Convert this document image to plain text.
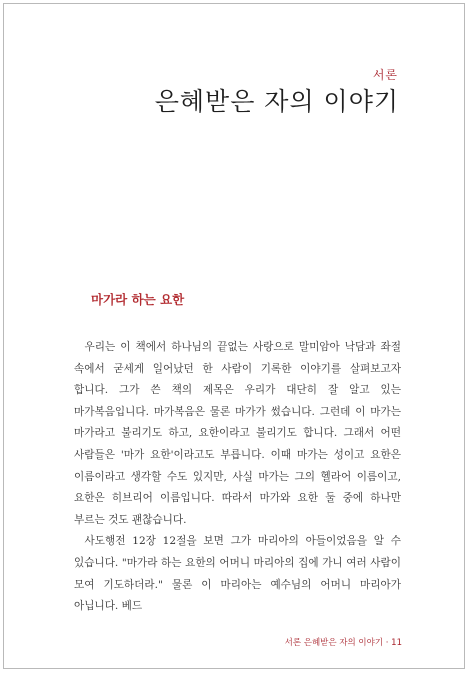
서론
은혜받은 자의 이야기
마가라 하는 요한

우리는 이 책에서 하나님의 끝없는 사랑으로 말미암아 낙담과 좌절 속에서 굳세게 일어났던 한 사람이 기록한 이야기를 살펴보고자 합니다. 그가 쓴 책의 제목은 우리가 대단히 잘 알고 있는 마가복음입니다. 마가복음은 물론 마가가 썼습니다. 그런데 이 마가는 마가라고 불리기도 하고, 요한이라고 불리기도 합니다. 그래서 어떤 사람들은 '마가 요한'이라고도 부릅니다. 이때 마가는 성이고 요한은 이름이라고 생각할 수도 있지만, 사실 마가는 그의 헬라어 이름이고, 요한은 히브리어 이름입니다. 따라서 마가와 요한 둘 중에 하나만 부르는 것도 괜찮습니다.

사도행전 12장 12절을 보면 그가 마리아의 아들이었음을 알 수 있습니다. "마가라 하는 요한의 어머니 마리아의 집에 가니 여러 사람이 모여 기도하더라." 물론 이 마리아는 예수님의 어머니 마리아가 아닙니다. 베드

서론 은혜받은 자의 이야기 · 11
